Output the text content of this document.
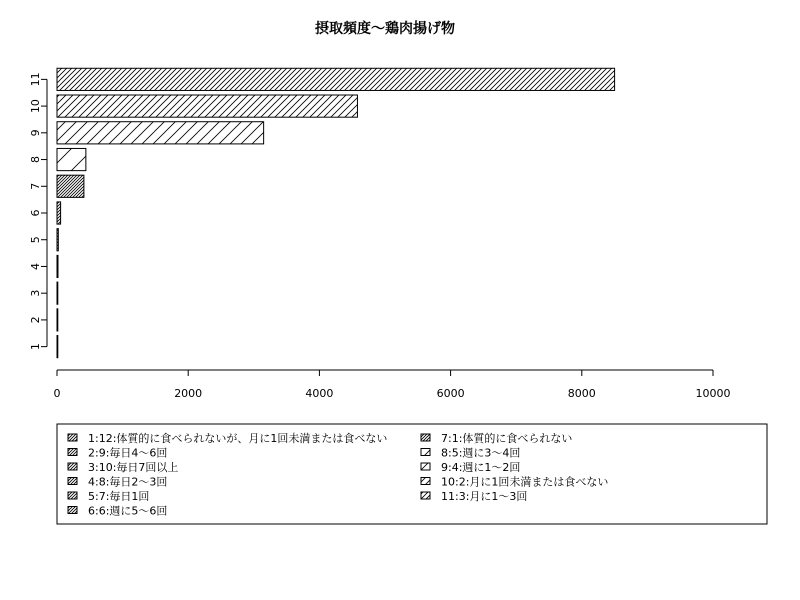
摂取頻度～鶏肉揚げ物
1
2
3
4
5
6
7
8
9
10
11
0	2000	4000	6000	8000	10000
1:12:体質的に食べられないが、月に1回未満または食べない
2:9:毎日4～6回
3:10:毎日7回以上
4:8:毎日2～3回
5:7:毎日1回
6:6:週に5～6回
7:1:体質的に食べられない
8:5:週に3～4回
9:4:週に1～2回
10:2:月に1回未満または食べない
11:3:月に1～3回
